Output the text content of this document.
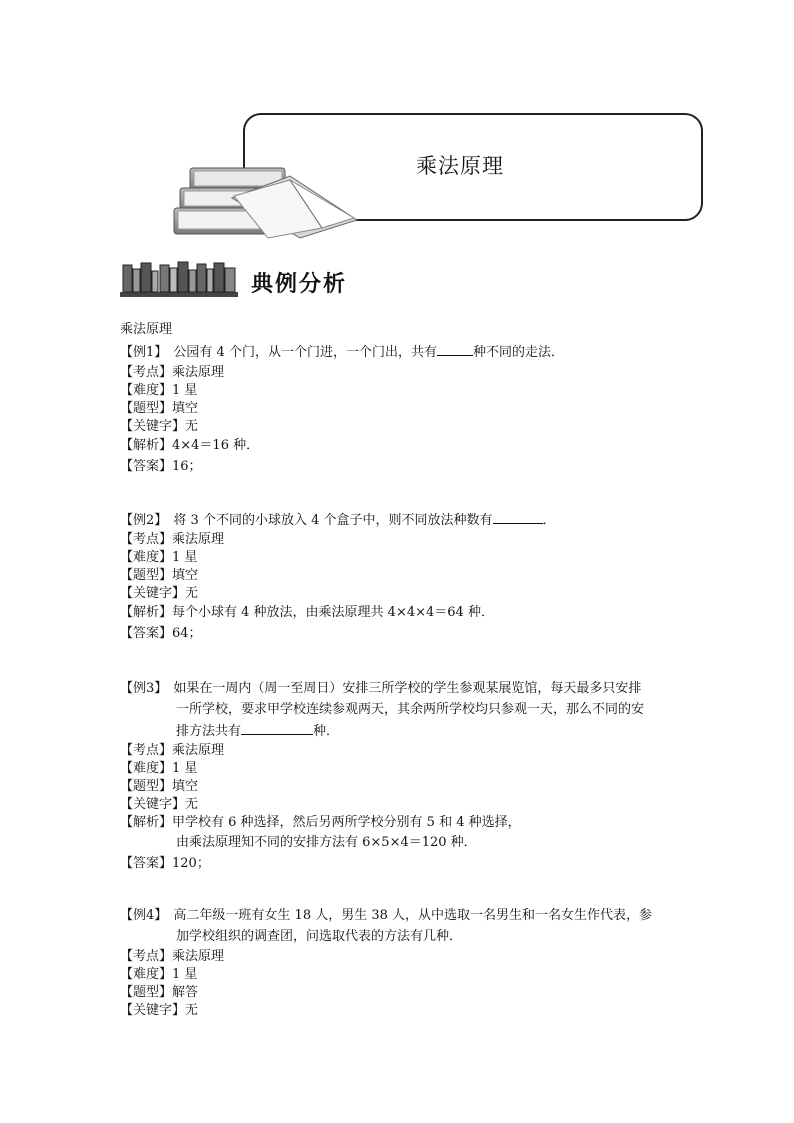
乘法原理
典例分析
乘法原理
【例1】 公园有 4 个门，从一个门进，一个门出，共有	种不同的走法．
【考点】乘法原理
【难度】1 星
【题型】填空
【关键字】无
【解析】4×4＝16 种．
【答案】16；
【例2】 将 3 个不同的小球放入 4 个盒子中，则不同放法种数有	．
【考点】乘法原理
【难度】1 星
【题型】填空
【关键字】无
【解析】每个小球有 4 种放法，由乘法原理共 4×4×4＝64 种．
【答案】64；
【例3】 如果在一周内（周一至周日）安排三所学校的学生参观某展览馆，每天最多只安排
一所学校，要求甲学校连续参观两天，其余两所学校均只参观一天，那么不同的安
排方法共有	种．
【考点】乘法原理
【难度】1 星
【题型】填空
【关键字】无
【解析】甲学校有 6 种选择，然后另两所学校分别有 5 和 4 种选择，
由乘法原理知不同的安排方法有 6×5×4＝120 种．
【答案】120；
【例4】 高二年级一班有女生 18 人，男生 38 人，从中选取一名男生和一名女生作代表，参
加学校组织的调查团，问选取代表的方法有几种．
【考点】乘法原理
【难度】1 星
【题型】解答
【关键字】无
